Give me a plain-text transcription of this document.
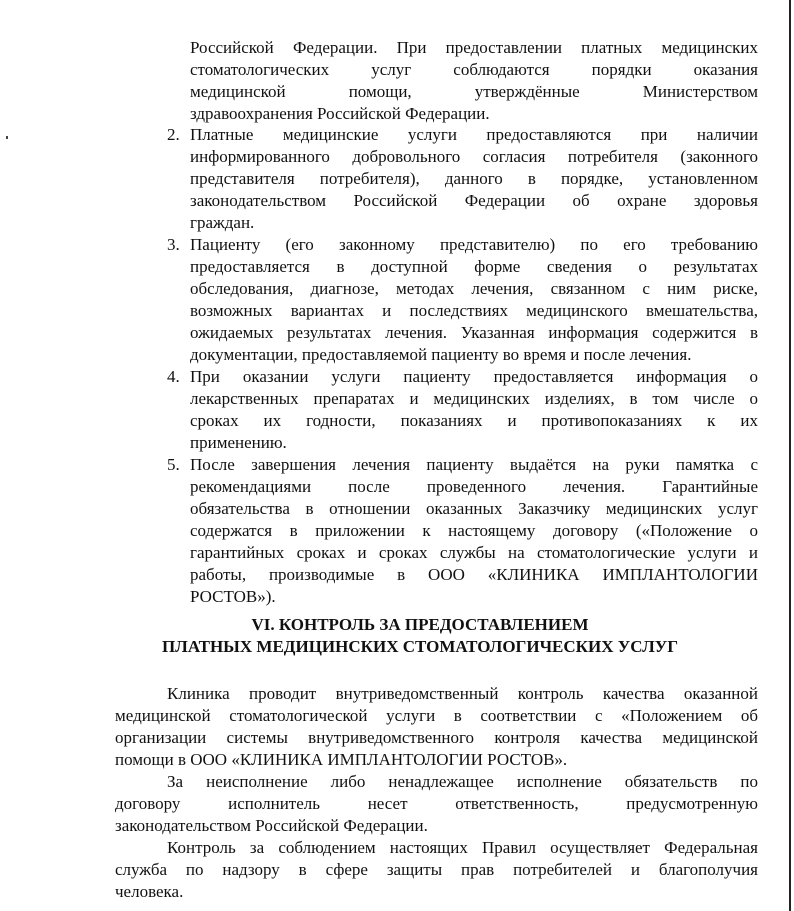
Российской Федерации. При предоставлении платных медицинских
стоматологических услуг соблюдаются порядки оказания
медицинской помощи, утверждённые Министерством
здравоохранения Российской Федерации.
2. Платные медицинские услуги предоставляются при наличии
информированного добровольного согласия потребителя (законного
представителя потребителя), данного в порядке, установленном
законодательством Российской Федерации об охране здоровья
граждан.
3. Пациенту (его законному представителю) по его требованию
предоставляется в доступной форме сведения о результатах
обследования, диагнозе, методах лечения, связанном с ним риске,
возможных вариантах и последствиях медицинского вмешательства,
ожидаемых результатах лечения. Указанная информация содержится в
документации, предоставляемой пациенту во время и после лечения.
4. При оказании услуги пациенту предоставляется информация о
лекарственных препаратах и медицинских изделиях, в том числе о
сроках их годности, показаниях и противопоказаниях к их
применению.
5. После завершения лечения пациенту выдаётся на руки памятка с
рекомендациями после проведенного лечения. Гарантийные
обязательства в отношении оказанных Заказчику медицинских услуг
содержатся в приложении к настоящему договору («Положение о
гарантийных сроках и сроках службы на стоматологические услуги и
работы, производимые в ООО «КЛИНИКА ИМПЛАНТОЛОГИИ
РОСТОВ»).
VI. КОНТРОЛЬ ЗА ПРЕДОСТАВЛЕНИЕМ
ПЛАТНЫХ МЕДИЦИНСКИХ СТОМАТОЛОГИЧЕСКИХ УСЛУГ
Клиника проводит внутриведомственный контроль качества оказанной
медицинской стоматологической услуги в соответствии с «Положением об
организации системы внутриведомственного контроля качества медицинской
помощи в ООО «КЛИНИКА ИМПЛАНТОЛОГИИ РОСТОВ».
За неисполнение либо ненадлежащее исполнение обязательств по
договору исполнитель несет ответственность, предусмотренную
законодательством Российской Федерации.
Контроль за соблюдением настоящих Правил осуществляет Федеральная
служба по надзору в сфере защиты прав потребителей и благополучия
человека.
